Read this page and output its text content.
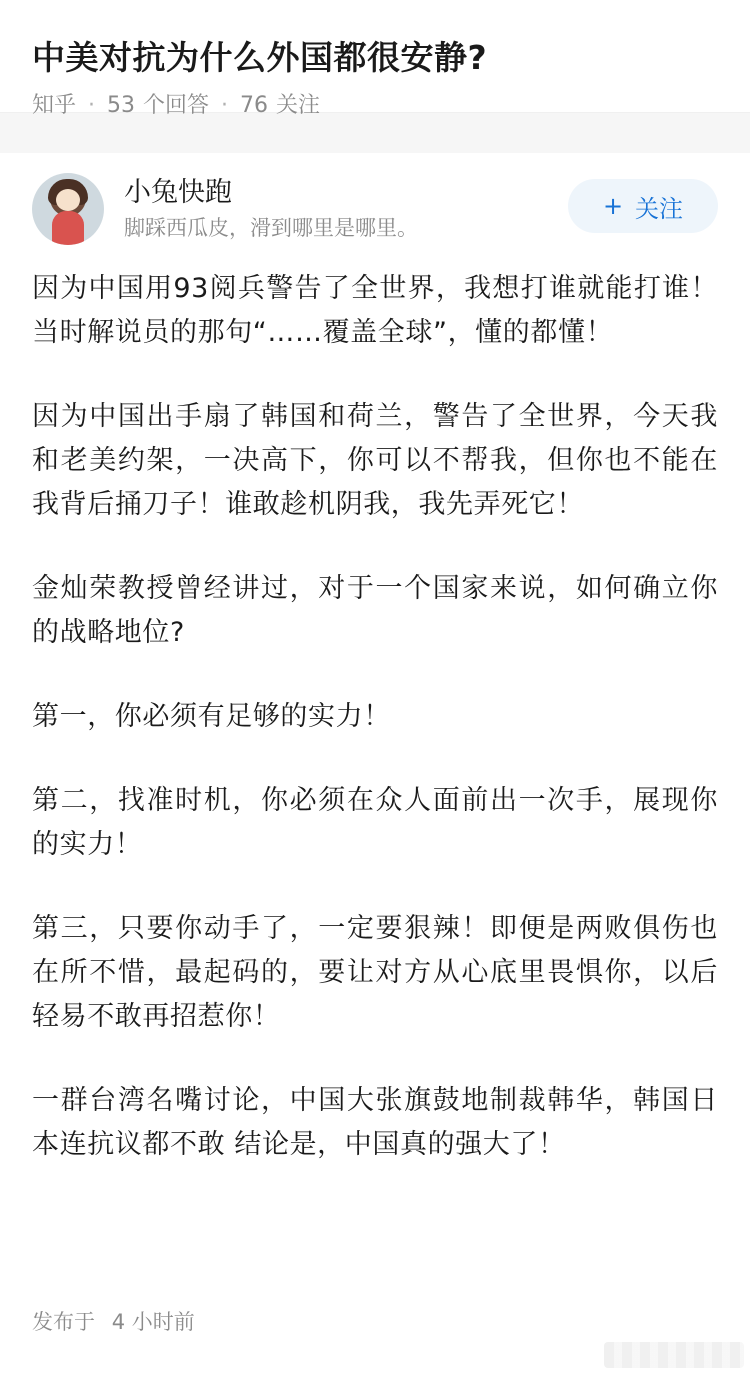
中美对抗为什么外国都很安静?
知乎 · 53 个回答 · 76 关注
小兔快跑
脚踩西瓜皮，滑到哪里是哪里。
+ 关注

因为中国用93阅兵警告了全世界，我想打谁就能打谁！当时解说员的那句“……覆盖全球”，懂的都懂！

因为中国出手扇了韩国和荷兰，警告了全世界，今天我和老美约架，一决高下，你可以不帮我，但你也不能在我背后捅刀子！谁敢趁机阴我，我先弄死它！

金灿荣教授曾经讲过，对于一个国家来说，如何确立你的战略地位?

第一，你必须有足够的实力！

第二，找准时机，你必须在众人面前出一次手，展现你的实力！

第三，只要你动手了，一定要狠辣！即便是两败俱伤也在所不惜，最起码的，要让对方从心底里畏惧你，以后轻易不敢再招惹你！

一群台湾名嘴讨论，中国大张旗鼓地制裁韩华，韩国日本连抗议都不敢 结论是，中国真的强大了！

发布于 4 小时前
